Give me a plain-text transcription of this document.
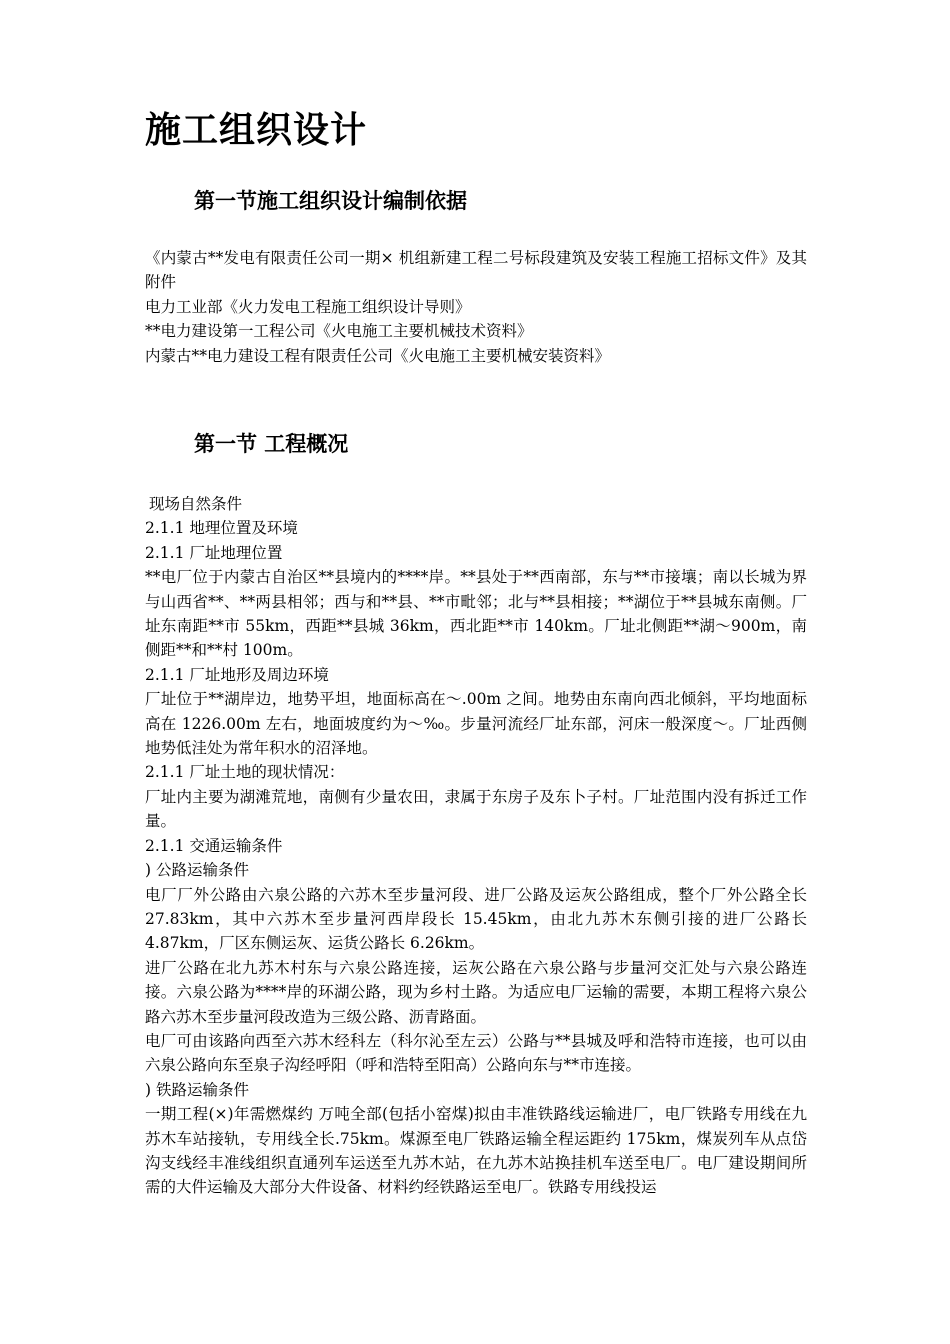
施工组织设计
第一节施工组织设计编制依据

《内蒙古**发电有限责任公司一期× 机组新建工程二号标段建筑及安装工程施工招标文件》及其附件

电力工业部《火力发电工程施工组织设计导则》

**电力建设第一工程公司《火电施工主要机械技术资料》

内蒙古**电力建设工程有限责任公司《火电施工主要机械安装资料》

第一节 工程概况

现场自然条件

2.1.1 地理位置及环境

2.1.1 厂址地理位置

**电厂位于内蒙古自治区**县境内的****岸。**县处于**西南部，东与**市接壤；南以长城为界与山西省**、**两县相邻；西与和**县、**市毗邻；北与**县相接；**湖位于**县城东南侧。厂址东南距**市 55km，西距**县城 36km，西北距**市 140km。厂址北侧距**湖～900m，南侧距**和**村 100m。

2.1.1 厂址地形及周边环境

厂址位于**湖岸边，地势平坦，地面标高在～.00m 之间。地势由东南向西北倾斜，平均地面标高在 1226.00m 左右，地面坡度约为～‰。步量河流经厂址东部，河床一般深度～。厂址西侧地势低洼处为常年积水的沼泽地。

2.1.1 厂址土地的现状情况：

厂址内主要为湖滩荒地，南侧有少量农田，隶属于东房子及东卜子村。厂址范围内没有拆迁工作量。

2.1.1 交通运输条件

) 公路运输条件

电厂厂外公路由六泉公路的六苏木至步量河段、进厂公路及运灰公路组成，整个厂外公路全长 27.83km，其中六苏木至步量河西岸段长 15.45km，由北九苏木东侧引接的进厂公路长 4.87km，厂区东侧运灰、运货公路长 6.26km。

进厂公路在北九苏木村东与六泉公路连接，运灰公路在六泉公路与步量河交汇处与六泉公路连接。六泉公路为****岸的环湖公路，现为乡村土路。为适应电厂运输的需要，本期工程将六泉公路六苏木至步量河段改造为三级公路、沥青路面。

电厂可由该路向西至六苏木经科左（科尔沁至左云）公路与**县城及呼和浩特市连接，也可以由六泉公路向东至泉子沟经呼阳（呼和浩特至阳高）公路向东与**市连接。

) 铁路运输条件

一期工程(×)年需燃煤约 万吨全部(包括小窑煤)拟由丰准铁路线运输进厂，电厂铁路专用线在九苏木车站接轨，专用线全长.75km。煤源至电厂铁路运输全程运距约 175km，煤炭列车从点岱沟支线经丰准线组织直通列车运送至九苏木站，在九苏木站换挂机车送至电厂。电厂建设期间所需的大件运输及大部分大件设备、材料约经铁路运至电厂。铁路专用线投运
